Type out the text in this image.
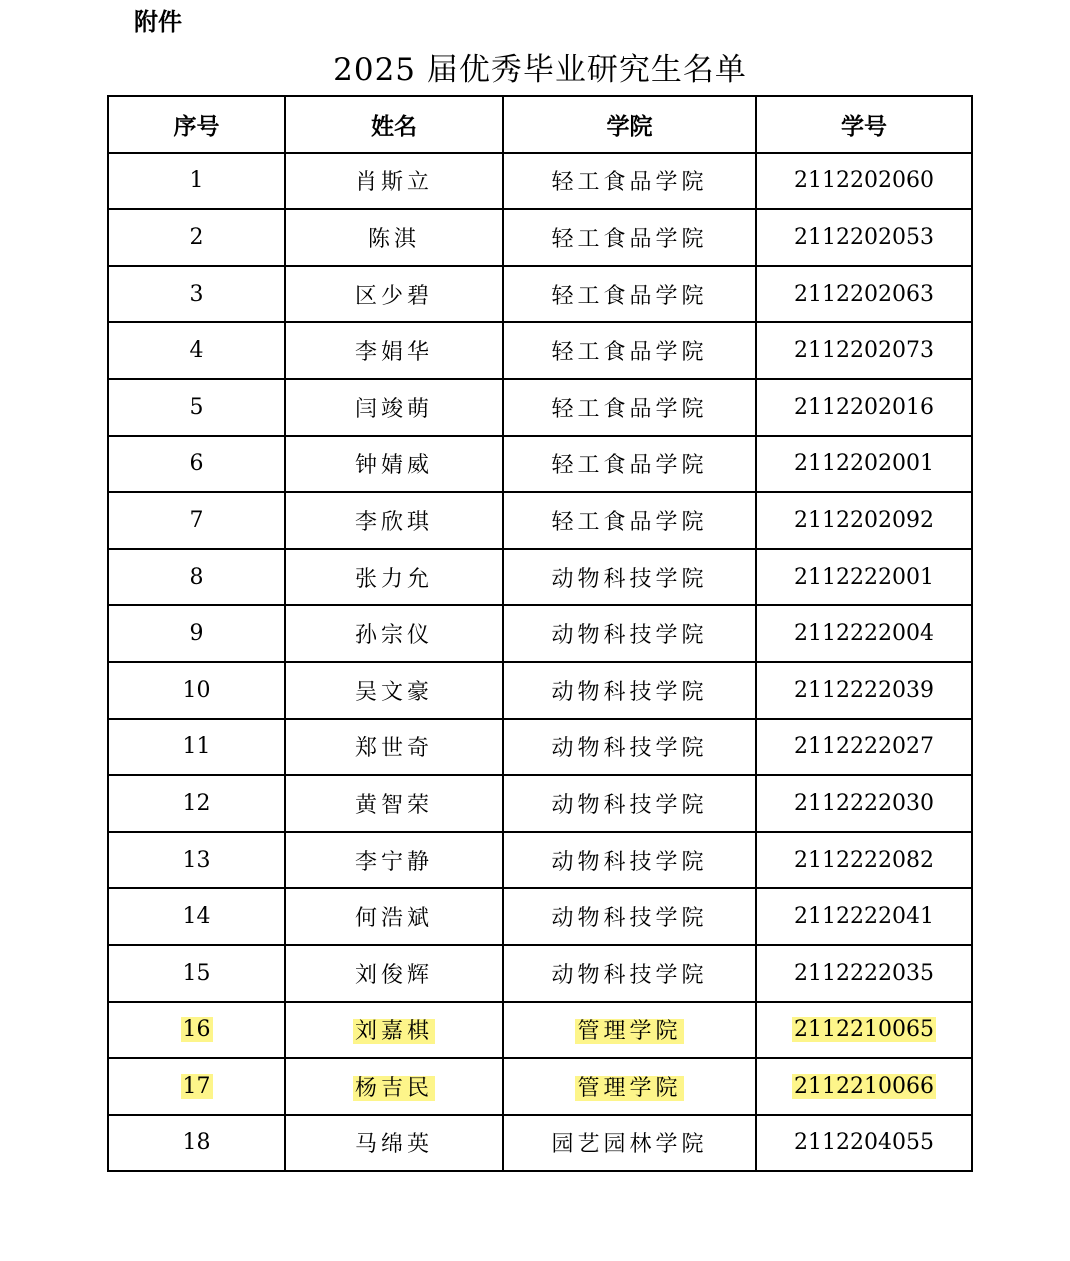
附件
2025 届优秀毕业研究生名单
序号	姓名	学院	学号
1	肖斯立	轻工食品学院	2112202060
2	陈淇	轻工食品学院	2112202053
3	区少碧	轻工食品学院	2112202063
4	李娟华	轻工食品学院	2112202073
5	闫竣萌	轻工食品学院	2112202016
6	钟婧威	轻工食品学院	2112202001
7	李欣琪	轻工食品学院	2112202092
8	张力允	动物科技学院	2112222001
9	孙宗仪	动物科技学院	2112222004
10	吴文豪	动物科技学院	2112222039
11	郑世奇	动物科技学院	2112222027
12	黄智荣	动物科技学院	2112222030
13	李宁静	动物科技学院	2112222082
14	何浩斌	动物科技学院	2112222041
15	刘俊辉	动物科技学院	2112222035
16	刘嘉棋	管理学院	2112210065
17	杨吉民	管理学院	2112210066
18	马绵英	园艺园林学院	2112204055
